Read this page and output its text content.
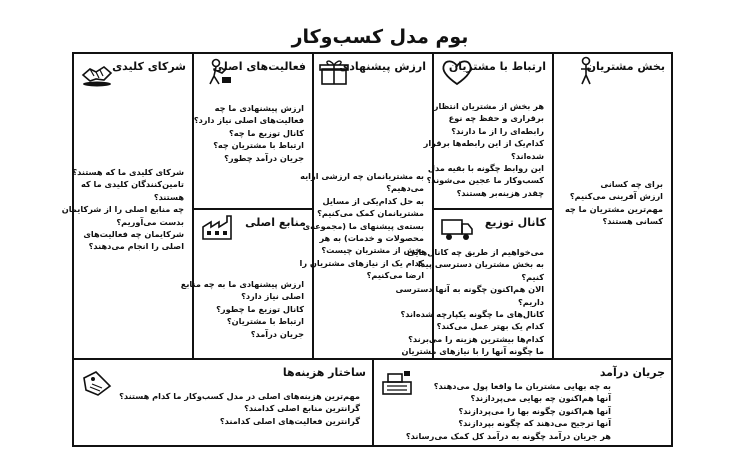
بوم مدل کسب‌وکار
شرکای کلیدی
شرکای کلیدی ما که هستند؟
تامین‌کنندگان کلیدی ما که
هستند؟
چه منابع اصلی را از شرکایمان
بدست می‌آوریم؟
شرکایمان چه فعالیت‌های
اصلی را انجام می‌دهند؟
فعالیت‌های اصلی
ارزش پیشنهادی ما چه
فعالیت‌های اصلی نیاز دارد؟
کانال توزیع ما چه؟
ارتباط با مشتریان چه؟
جریان درآمد چطور؟
منابع اصلی
ارزش پیشنهادی ما به چه منابع
اصلی نیاز دارد؟
کانال توزیع ما چطور؟
ارتباط با مشتریان؟
جریان درآمد؟
ارزش پیشنهادی
به مشتریانمان چه ارزشی ارایه
می‌دهیم؟
به حل کدام‌یکی از مسایل
مشتریانمان کمک می‌کنیم؟
بسته‌ی پیشنهای ما (مجموعه‌ی
محصولات و خدمات) به هر
بخش از مشتریان چیست؟
کدام یک از نیازهای مشتریان را
ارضا می‌کنیم؟
ارتباط با مشتریان
هر بخش از مشتریان انتظار
برقراری و حفظ چه نوع
رابطه‌ای را از ما دارند؟
کدام‌یک از این رابطه‌ها برقرار
شده‌اند؟
این روابط چگونه با بقیه مدل
کسب‌وکار ما عجین می‌شوند؟
چقدر هزینه‌بر هستند؟
کانال توزیع
می‌خواهیم از طریق چه کانال‌هایی
به بخش مشتریان دسترسی پیدا
کنیم؟
الان هم‌اکنون چگونه به آنها دسترسی
داریم؟
کانال‌های ما چگونه یکپارچه شده‌اند؟
کدام یک بهتر عمل می‌کند؟
کدام‌ها بیشترین هزینه را می‌برند؟
ما چگونه آنها را با نیازهای مشتریان
بخش مشتریان
برای چه کسانی
ارزش آفرینی می‌کنیم؟
مهم‌ترین مشتریان ما چه
کسانی هستند؟
ساختار هزینه‌ها
مهم‌ترین هزینه‌های اصلی در مدل کسب‌وکار ما کدام هستند؟
گرانترین منابع اصلی کدامند؟
گرانترین فعالیت‌های اصلی کدامند؟
جریان درآمد
به چه بهایی مشتریان ما واقعا پول می‌دهند؟
آنها هم‌اکنون چه بهایی می‌پردازند؟
آنها هم‌اکنون چگونه بها را می‌پردازند؟
آنها ترجیح می‌دهند که چگونه بپردازند؟
هر جریان درآمد چگونه به درآمد کل کمک می‌رساند؟
